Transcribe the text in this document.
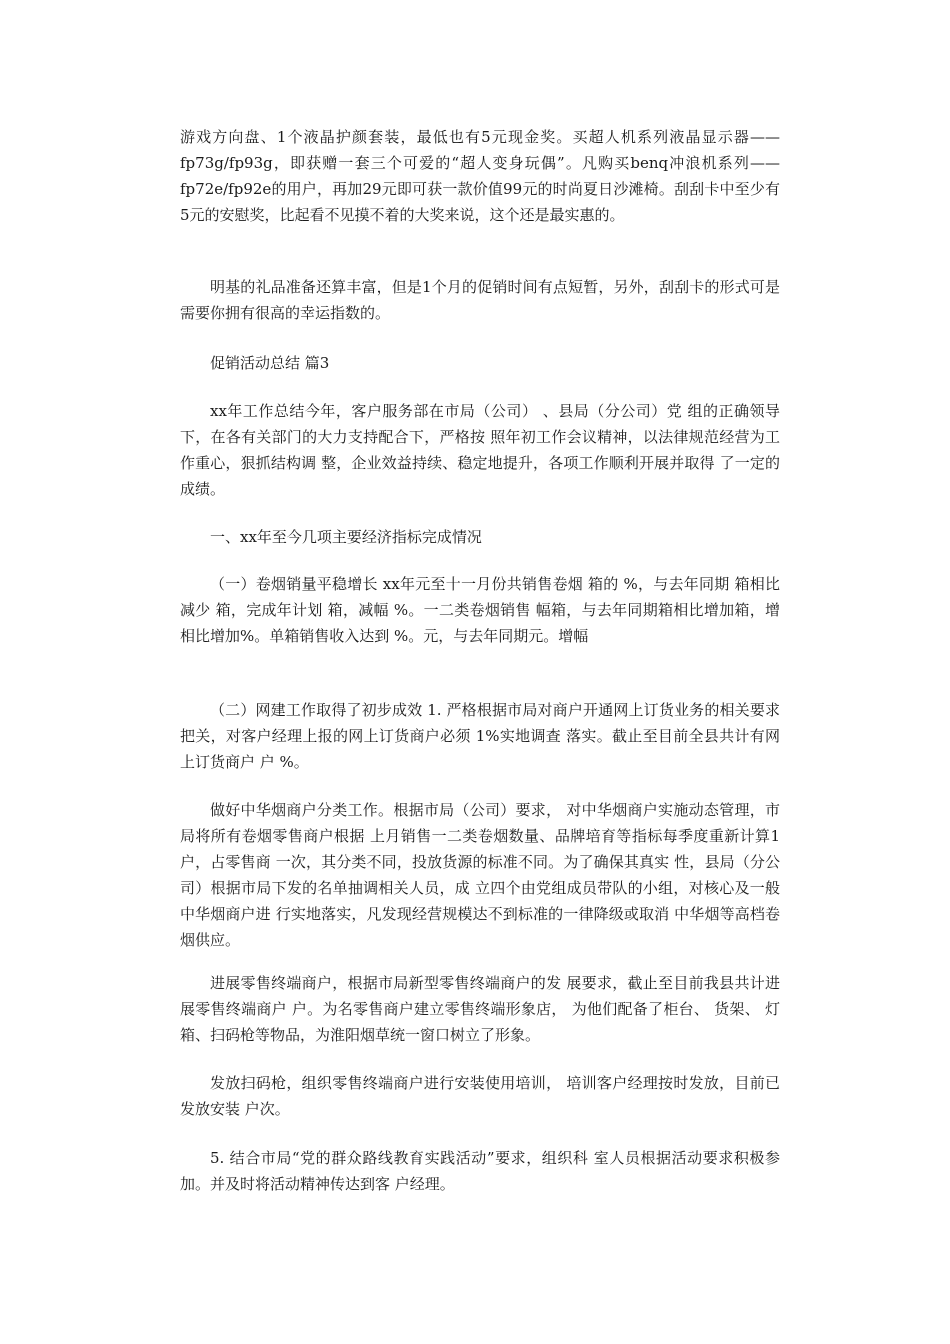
游戏方向盘、1个液晶护颜套装，最低也有5元现金奖。买超人机系列液晶显示器——fp73g/fp93g，即获赠一套三个可爱的“超人变身玩偶”。凡购买benq冲浪机系列——fp72e/fp92e的用户，再加29元即可获一款价值99元的时尚夏日沙滩椅。刮刮卡中至少有5元的安慰奖，比起看不见摸不着的大奖来说，这个还是最实惠的。

明基的礼品准备还算丰富，但是1个月的促销时间有点短暂，另外，刮刮卡的形式可是需要你拥有很高的幸运指数的。

促销活动总结 篇3

xx年工作总结今年，客户服务部在市局（公司） 、县局（分公司）党 组的正确领导下，在各有关部门的大力支持配合下，严格按 照年初工作会议精神，以法律规范经营为工作重心，狠抓结构调 整，企业效益持续、稳定地提升，各项工作顺利开展并取得 了一定的成绩。

一、xx年至今几项主要经济指标完成情况

（一）卷烟销量平稳增长 xx年元至十一月份共销售卷烟 箱的 %，与去年同期 箱相比减少 箱，完成年计划 箱，减幅 %。一二类卷烟销售 幅箱，与去年同期箱相比增加箱，增 相比增加%。单箱销售收入达到 %。元，与去年同期元。增幅

（二）网建工作取得了初步成效 1. 严格根据市局对商户开通网上订货业务的相关要求 把关，对客户经理上报的网上订货商户必须 1%实地调查 落实。截止至目前全县共计有网上订货商户 户 %。

做好中华烟商户分类工作。根据市局（公司）要求， 对中华烟商户实施动态管理，市局将所有卷烟零售商户根据 上月销售一二类卷烟数量、品牌培育等指标每季度重新计算1户，占零售商 一次，其分类不同，投放货源的标准不同。为了确保其真实 性，县局（分公司）根据市局下发的名单抽调相关人员，成 立四个由党组成员带队的小组，对核心及一般中华烟商户进 行实地落实，凡发现经营规模达不到标准的一律降级或取消 中华烟等高档卷烟供应。

进展零售终端商户，根据市局新型零售终端商户的发 展要求，截止至目前我县共计进展零售终端商户 户。为名零售商户建立零售终端形象店， 为他们配备了柜台、 货架、 灯箱、扫码枪等物品，为淮阳烟草统一窗口树立了形象。

发放扫码枪，组织零售终端商户进行安装使用培训， 培训客户经理按时发放，目前已发放安装 户次。

5. 结合市局“党的群众路线教育实践活动”要求，组织科 室人员根据活动要求积极参加。并及时将活动精神传达到客 户经理。
